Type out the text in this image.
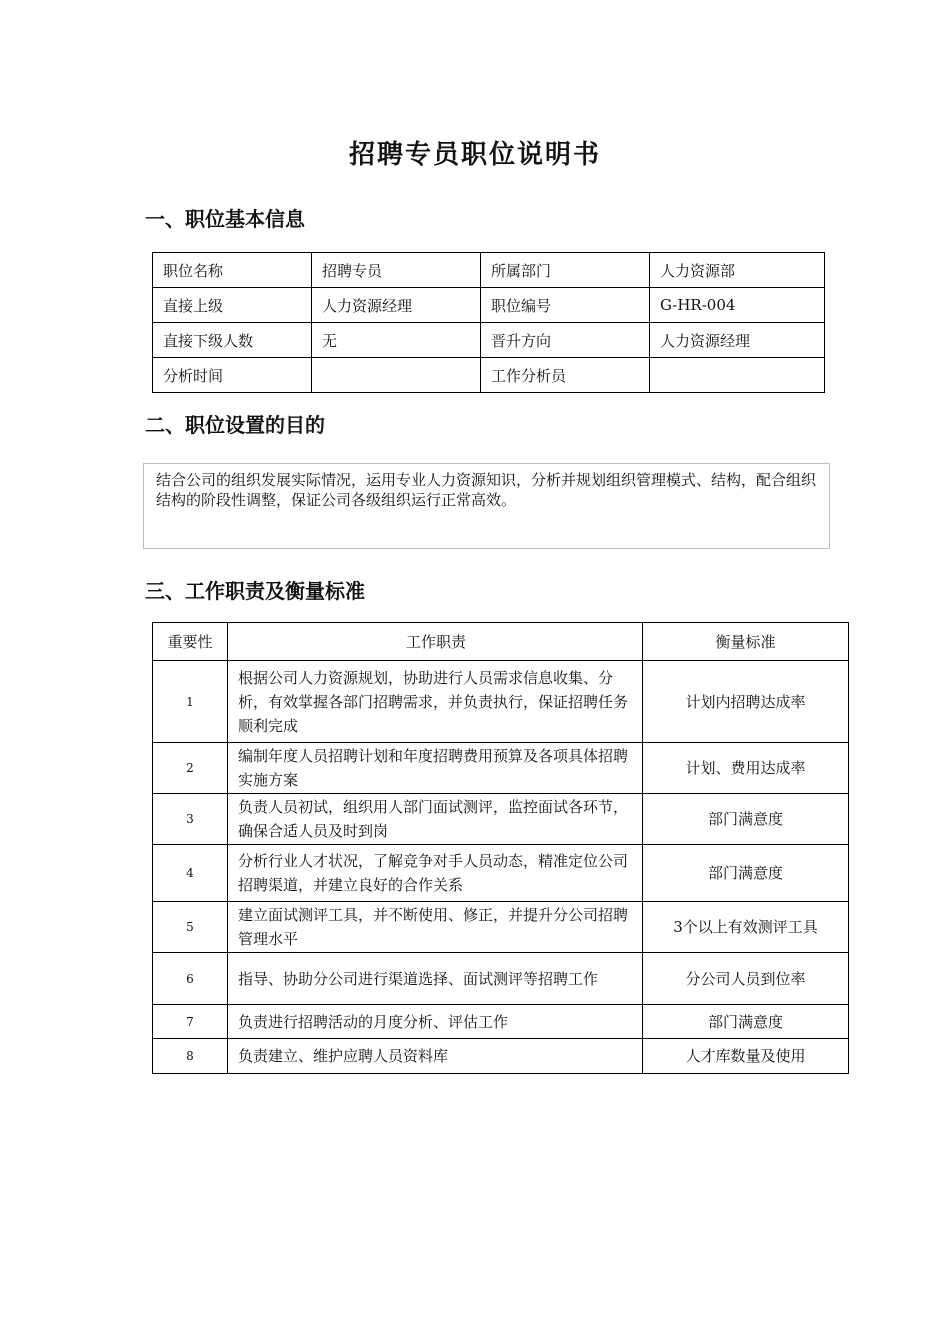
招聘专员职位说明书
一、职位基本信息
职位名称	招聘专员	所属部门	人力资源部
直接上级	人力资源经理	职位编号	G-HR-004
直接下级人数	无	晋升方向	人力资源经理
分析时间		工作分析员	
二、职位设置的目的
结合公司的组织发展实际情况，运用专业人力资源知识，分析并规划组织管理模式、结构，配合组织结构的阶段性调整，保证公司各级组织运行正常高效。
三、工作职责及衡量标准
重要性	工作职责	衡量标准
1	根据公司人力资源规划，协助进行人员需求信息收集、分析，有效掌握各部门招聘需求，并负责执行，保证招聘任务顺利完成	计划内招聘达成率
2	编制年度人员招聘计划和年度招聘费用预算及各项具体招聘实施方案	计划、费用达成率
3	负责人员初试，组织用人部门面试测评，监控面试各环节，确保合适人员及时到岗	部门满意度
4	分析行业人才状况，了解竞争对手人员动态，精准定位公司招聘渠道，并建立良好的合作关系	部门满意度
5	建立面试测评工具，并不断使用、修正，并提升分公司招聘管理水平	3个以上有效测评工具
6	指导、协助分公司进行渠道选择、面试测评等招聘工作	分公司人员到位率
7	负责进行招聘活动的月度分析、评估工作	部门满意度
8	负责建立、维护应聘人员资料库	人才库数量及使用
